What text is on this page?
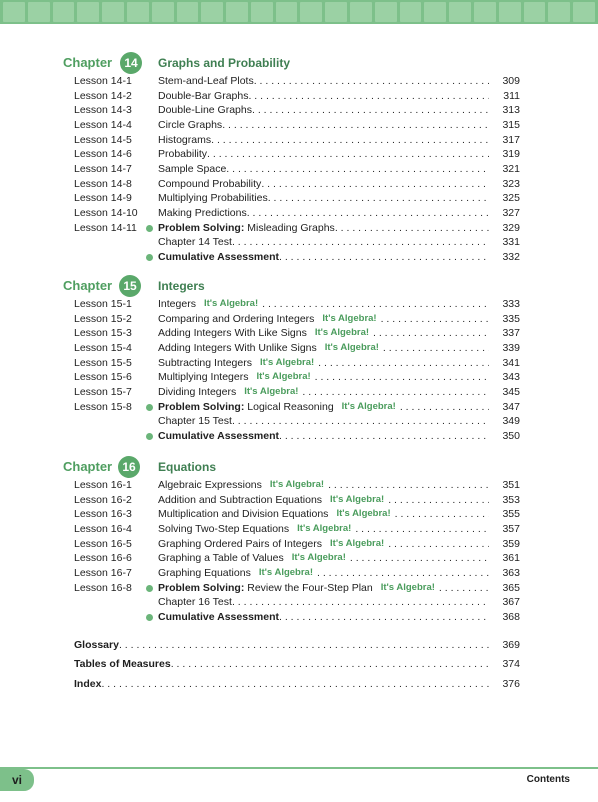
Chapter	14	Graphs and Probability
Lesson 14-1 Stem-and-Leaf Plots . . .	309
Lesson 14-2 Double-Bar Graphs . . .	311
Lesson 14-3 Double-Line Graphs . . .	313
Lesson 14-4 Circle Graphs . . .	315
Lesson 14-5 Histograms . . .	317
Lesson 14-6 Probability . . .	319
Lesson 14-7 Sample Space . . .	321
Lesson 14-8 Compound Probability . . .	323
Lesson 14-9 Multiplying Probabilities . . .	325
Lesson 14-10 Making Predictions . . .	327
Lesson 14-11 Problem Solving: Misleading Graphs . . .	329
Chapter 14 Test . . .	331
Cumulative Assessment . . .	332
Chapter 15	Integers
Lesson 15-1 Integers It's Algebra! . . .	333
Lesson 15-2 Comparing and Ordering Integers It's Algebra! . . .	335
Lesson 15-3 Adding Integers With Like Signs It's Algebra! . . .	337
Lesson 15-4 Adding Integers With Unlike Signs It's Algebra! . . .	339
Lesson 15-5 Subtracting Integers It's Algebra! . . .	341
Lesson 15-6 Multiplying Integers It's Algebra! . . .	343
Lesson 15-7 Dividing Integers It's Algebra! . . .	345
Lesson 15-8 Problem Solving: Logical Reasoning It's Algebra! . . .	347
Chapter 15 Test . . .	349
Cumulative Assessment . . .	350
Chapter 16	Equations
Lesson 16-1 Algebraic Expressions It's Algebra! . . .	351
Lesson 16-2 Addition and Subtraction Equations It's Algebra! . . .	353
Lesson 16-3 Multiplication and Division Equations It's Algebra! . . .	355
Lesson 16-4 Solving Two-Step Equations It's Algebra! . . .	357
Lesson 16-5 Graphing Ordered Pairs of Integers It's Algebra! . . .	359
Lesson 16-6 Graphing a Table of Values It's Algebra! . . .	361
Lesson 16-7 Graphing Equations It's Algebra! . . .	363
Lesson 16-8 Problem Solving: Review the Four-Step Plan It's Algebra! . . .	365
Chapter 16 Test . . .	367
Cumulative Assessment . . .	368
Glossary . . .	369
Tables of Measures . . .	374
Index . . .	376
vi	Contents
